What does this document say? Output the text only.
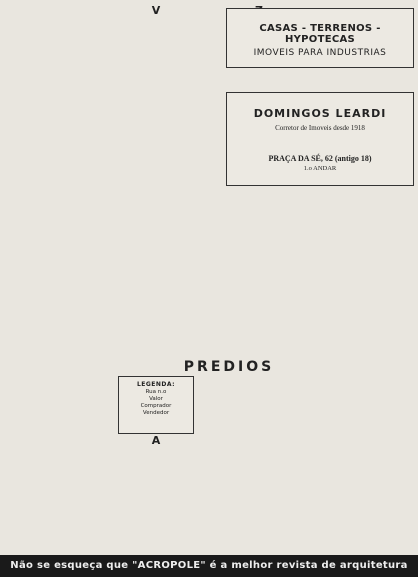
V
A
PREDIOS
CASAS - TERRENOS - HYPOTECAS
IMOVEIS PARA INDUSTRIAS
DOMINGOS LEARDI
Corretor de Imoveis desde 1918
PRAÇA DA SÉ, 62 (antigo 18)
1.o ANDAR
LEGENDA:
Rua n.o
Valor
Comprador
Vendedor
Não se esqueça que "ACROPOLE" é a melhor revista de arquitetura
